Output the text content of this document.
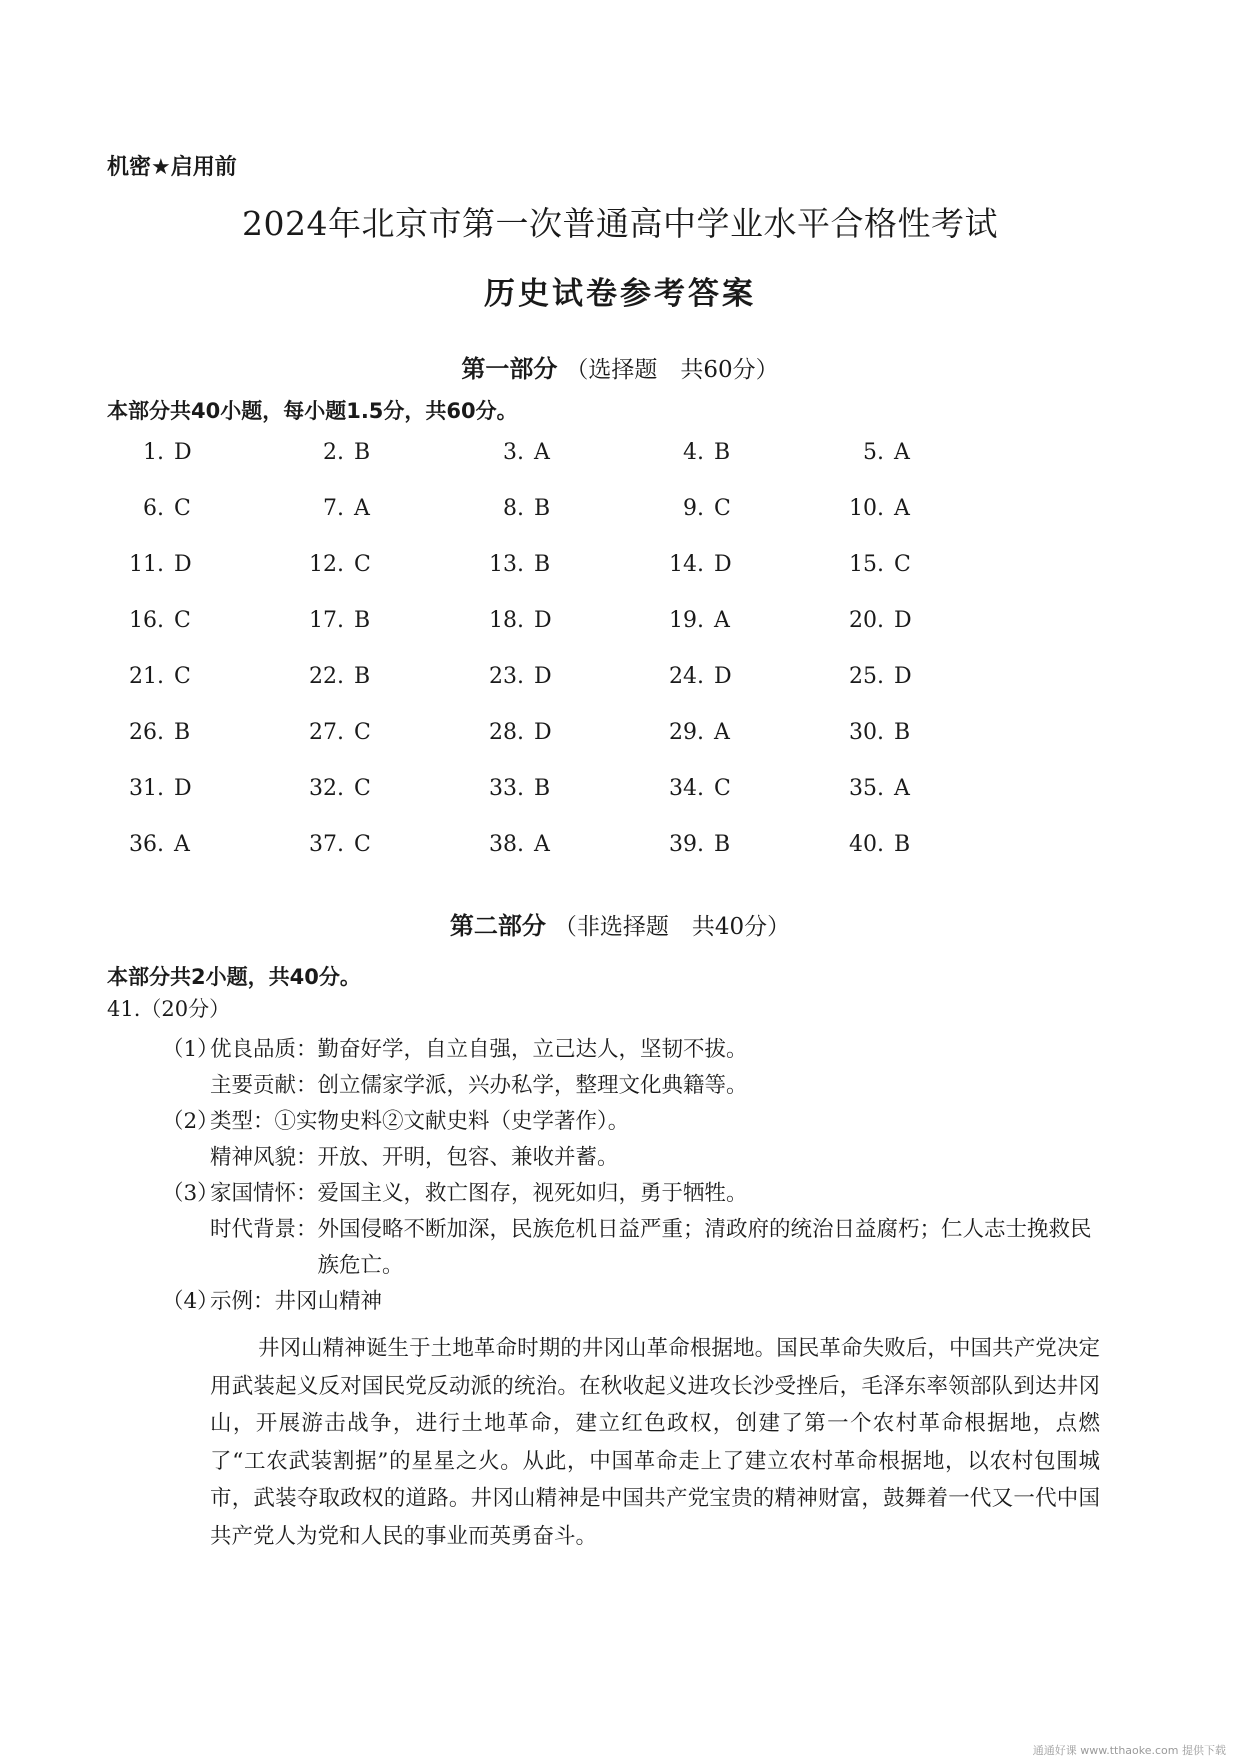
机密★启用前
2024年北京市第一次普通高中学业水平合格性考试
历史试卷参考答案
第一部分 （选择题　共60分）
本部分共40小题，每小题1.5分，共60分。
1. D	2. B	3. A	4. B	5. A
6. C	7. A	8. B	9. C	10. A
11. D	12. C	13. B	14. D	15. C
16. C	17. B	18. D	19. A	20. D
21. C	22. B	23. D	24. D	25. D
26. B	27. C	28. D	29. A	30. B
31. D	32. C	33. B	34. C	35. A
36. A	37. C	38. A	39. B	40. B
第二部分 （非选择题　共40分）
本部分共2小题，共40分。
41.（20分）
（1）优良品质：勤奋好学，自立自强，立己达人，坚韧不拔。
主要贡献：创立儒家学派，兴办私学，整理文化典籍等。
（2）类型：①实物史料②文献史料（史学著作）。
精神风貌：开放、开明，包容、兼收并蓄。
（3）家国情怀：爱国主义，救亡图存，视死如归，勇于牺牲。
时代背景： 外国侵略不断加深，民族危机日益严重；清政府的统治日益腐朽；仁人志士挽救民族危亡。
（4）示例：井冈山精神
井冈山精神诞生于土地革命时期的井冈山革命根据地。国民革命失败后，中国共产党决定用武装起义反对国民党反动派的统治。在秋收起义进攻长沙受挫后，毛泽东率领部队到达井冈山，开展游击战争，进行土地革命，建立红色政权，创建了第一个农村革命根据地，点燃了“工农武装割据”的星星之火。从此，中国革命走上了建立农村革命根据地，以农村包围城市，武装夺取政权的道路。井冈山精神是中国共产党宝贵的精神财富，鼓舞着一代又一代中国共产党人为党和人民的事业而英勇奋斗。
通通好课 www.tthaoke.com 提供下载
